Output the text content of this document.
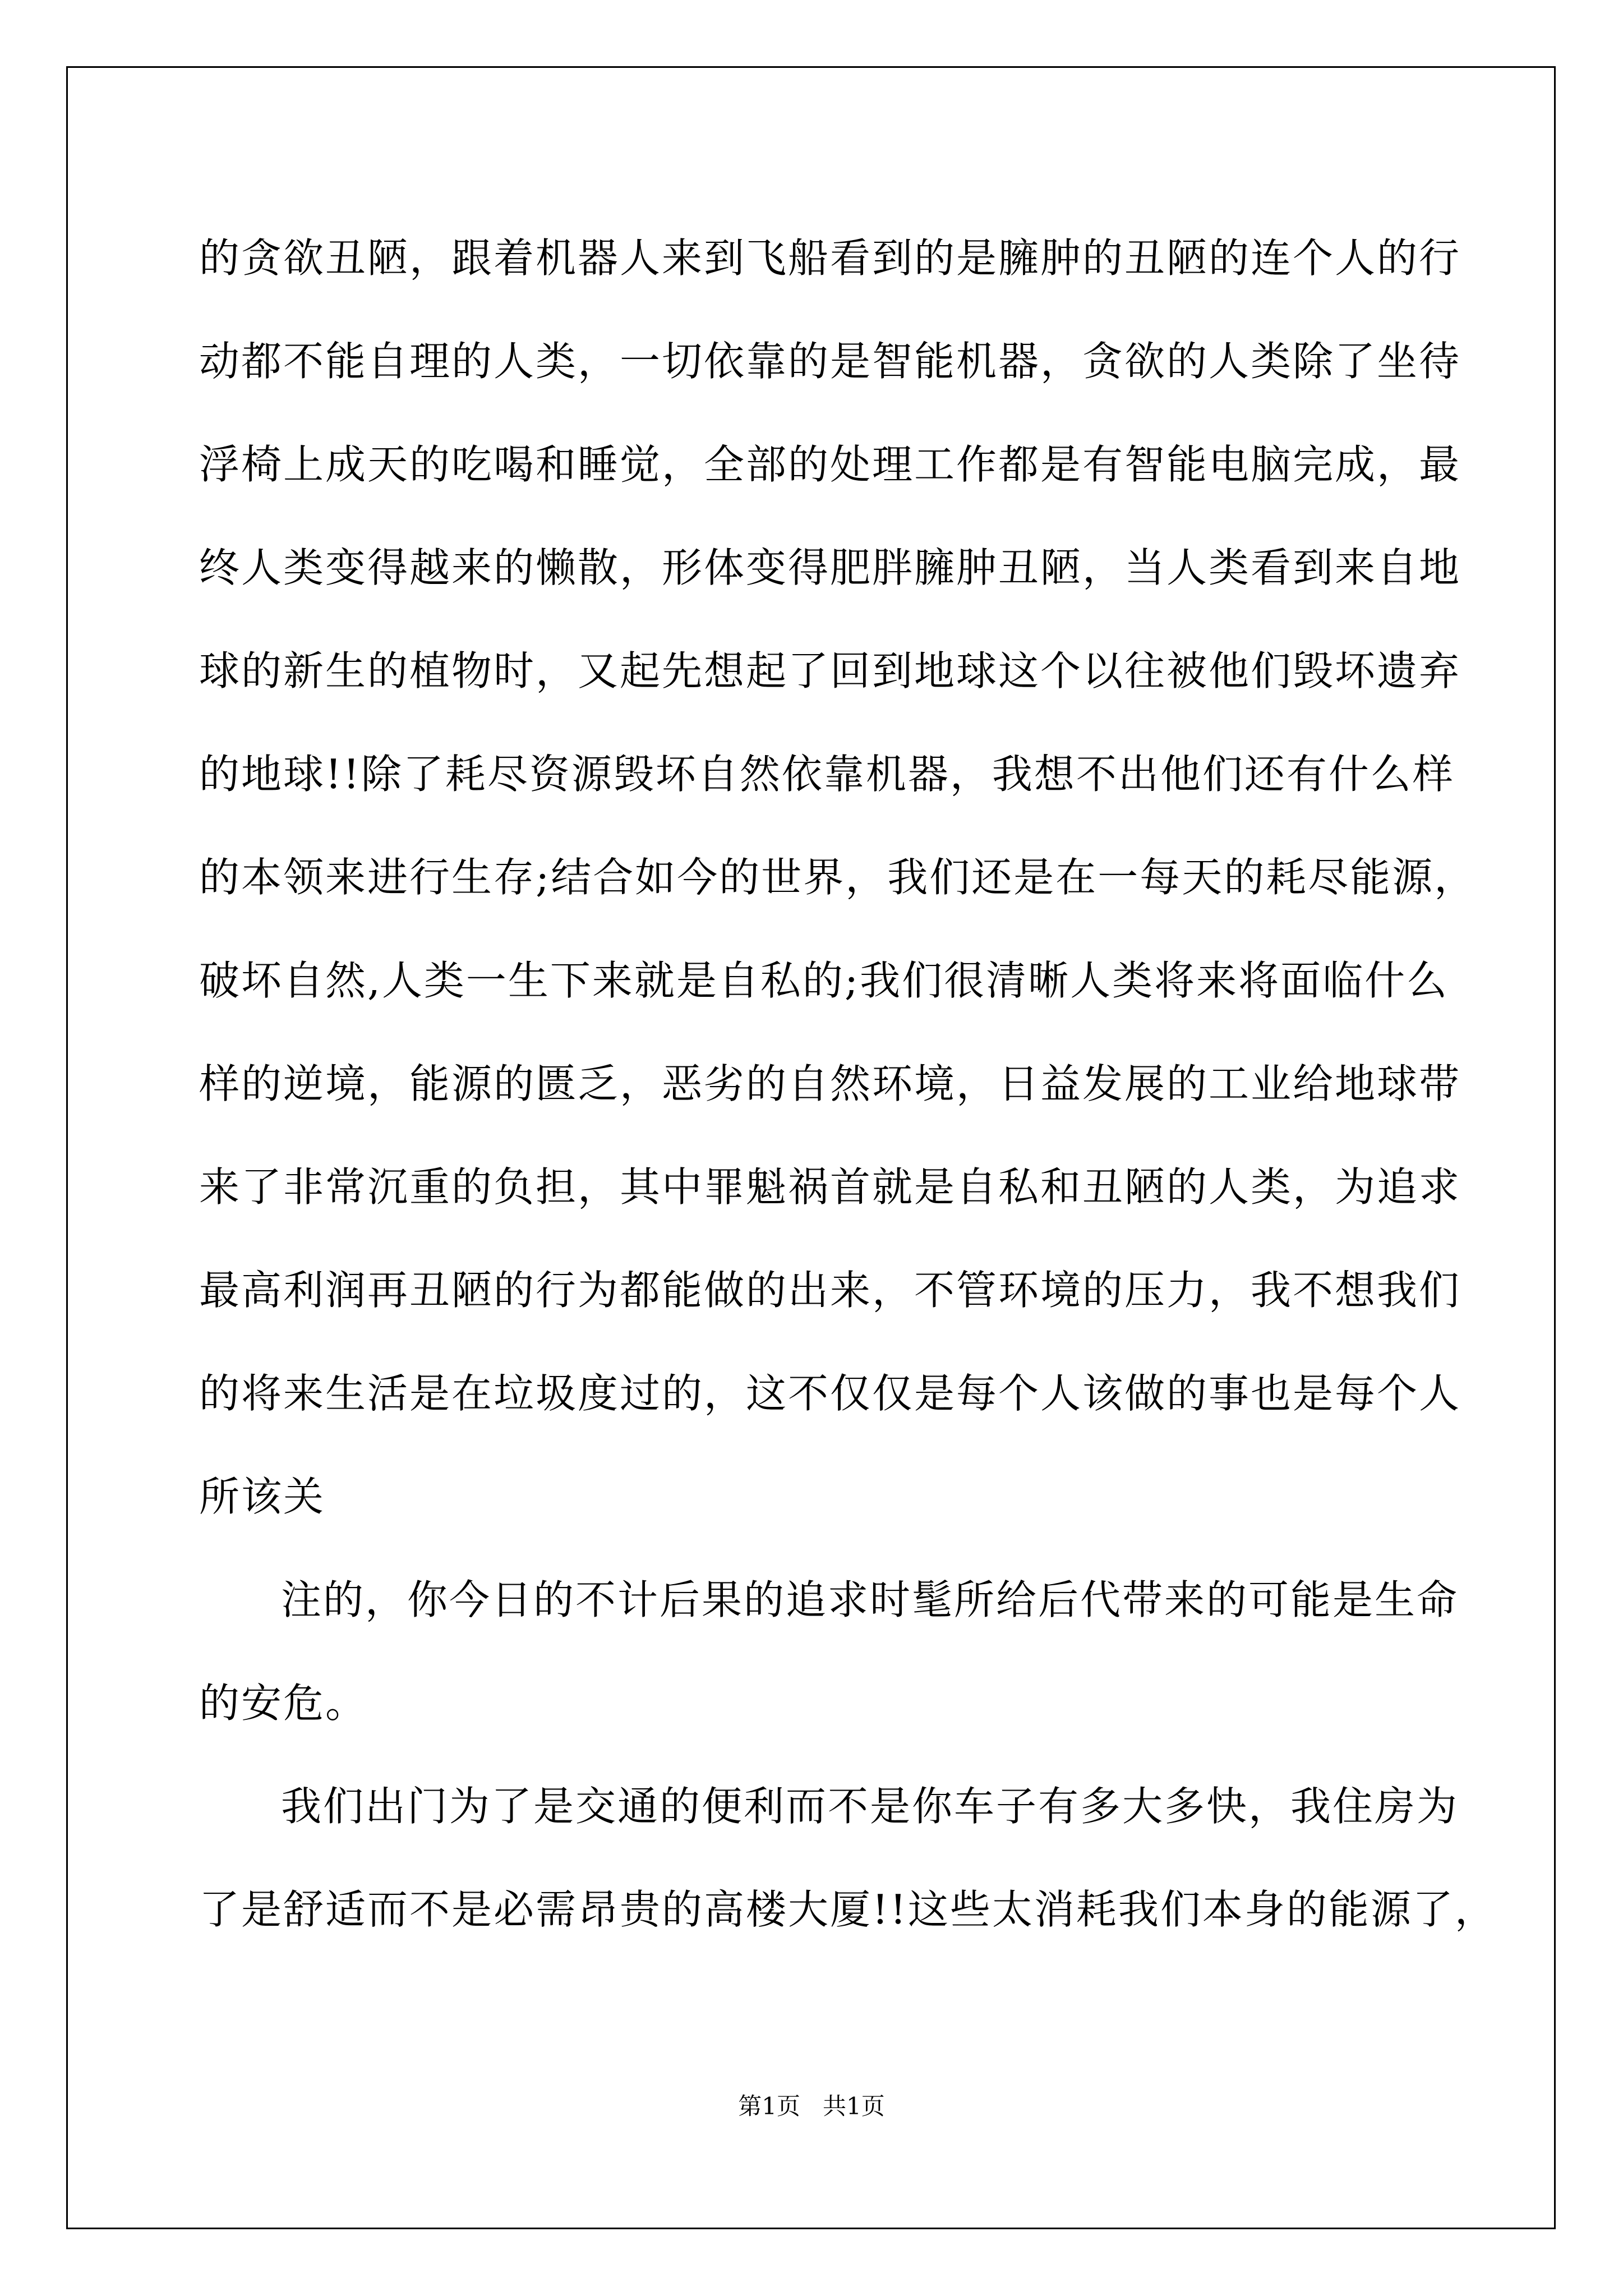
的贪欲丑陋，跟着机器人来到飞船看到的是臃肿的丑陋的连个人的行
动都不能自理的人类，一切依靠的是智能机器，贪欲的人类除了坐待
浮椅上成天的吃喝和睡觉，全部的处理工作都是有智能电脑完成，最
终人类变得越来的懒散，形体变得肥胖臃肿丑陋，当人类看到来自地
球的新生的植物时，又起先想起了回到地球这个以往被他们毁坏遗弃
的地球!!除了耗尽资源毁坏自然依靠机器，我想不出他们还有什么样
的本领来进行生存;结合如今的世界，我们还是在一每天的耗尽能源，
破坏自然,人类一生下来就是自私的;我们很清晰人类将来将面临什么
样的逆境，能源的匮乏，恶劣的自然环境，日益发展的工业给地球带
来了非常沉重的负担，其中罪魁祸首就是自私和丑陋的人类，为追求
最高利润再丑陋的行为都能做的出来，不管环境的压力，我不想我们
的将来生活是在垃圾度过的，这不仅仅是每个人该做的事也是每个人
所该关
注的，你今日的不计后果的追求时髦所给后代带来的可能是生命
的安危。
我们出门为了是交通的便利而不是你车子有多大多快，我住房为
了是舒适而不是必需昂贵的高楼大厦!!这些太消耗我们本身的能源了，
第1页   共1页
